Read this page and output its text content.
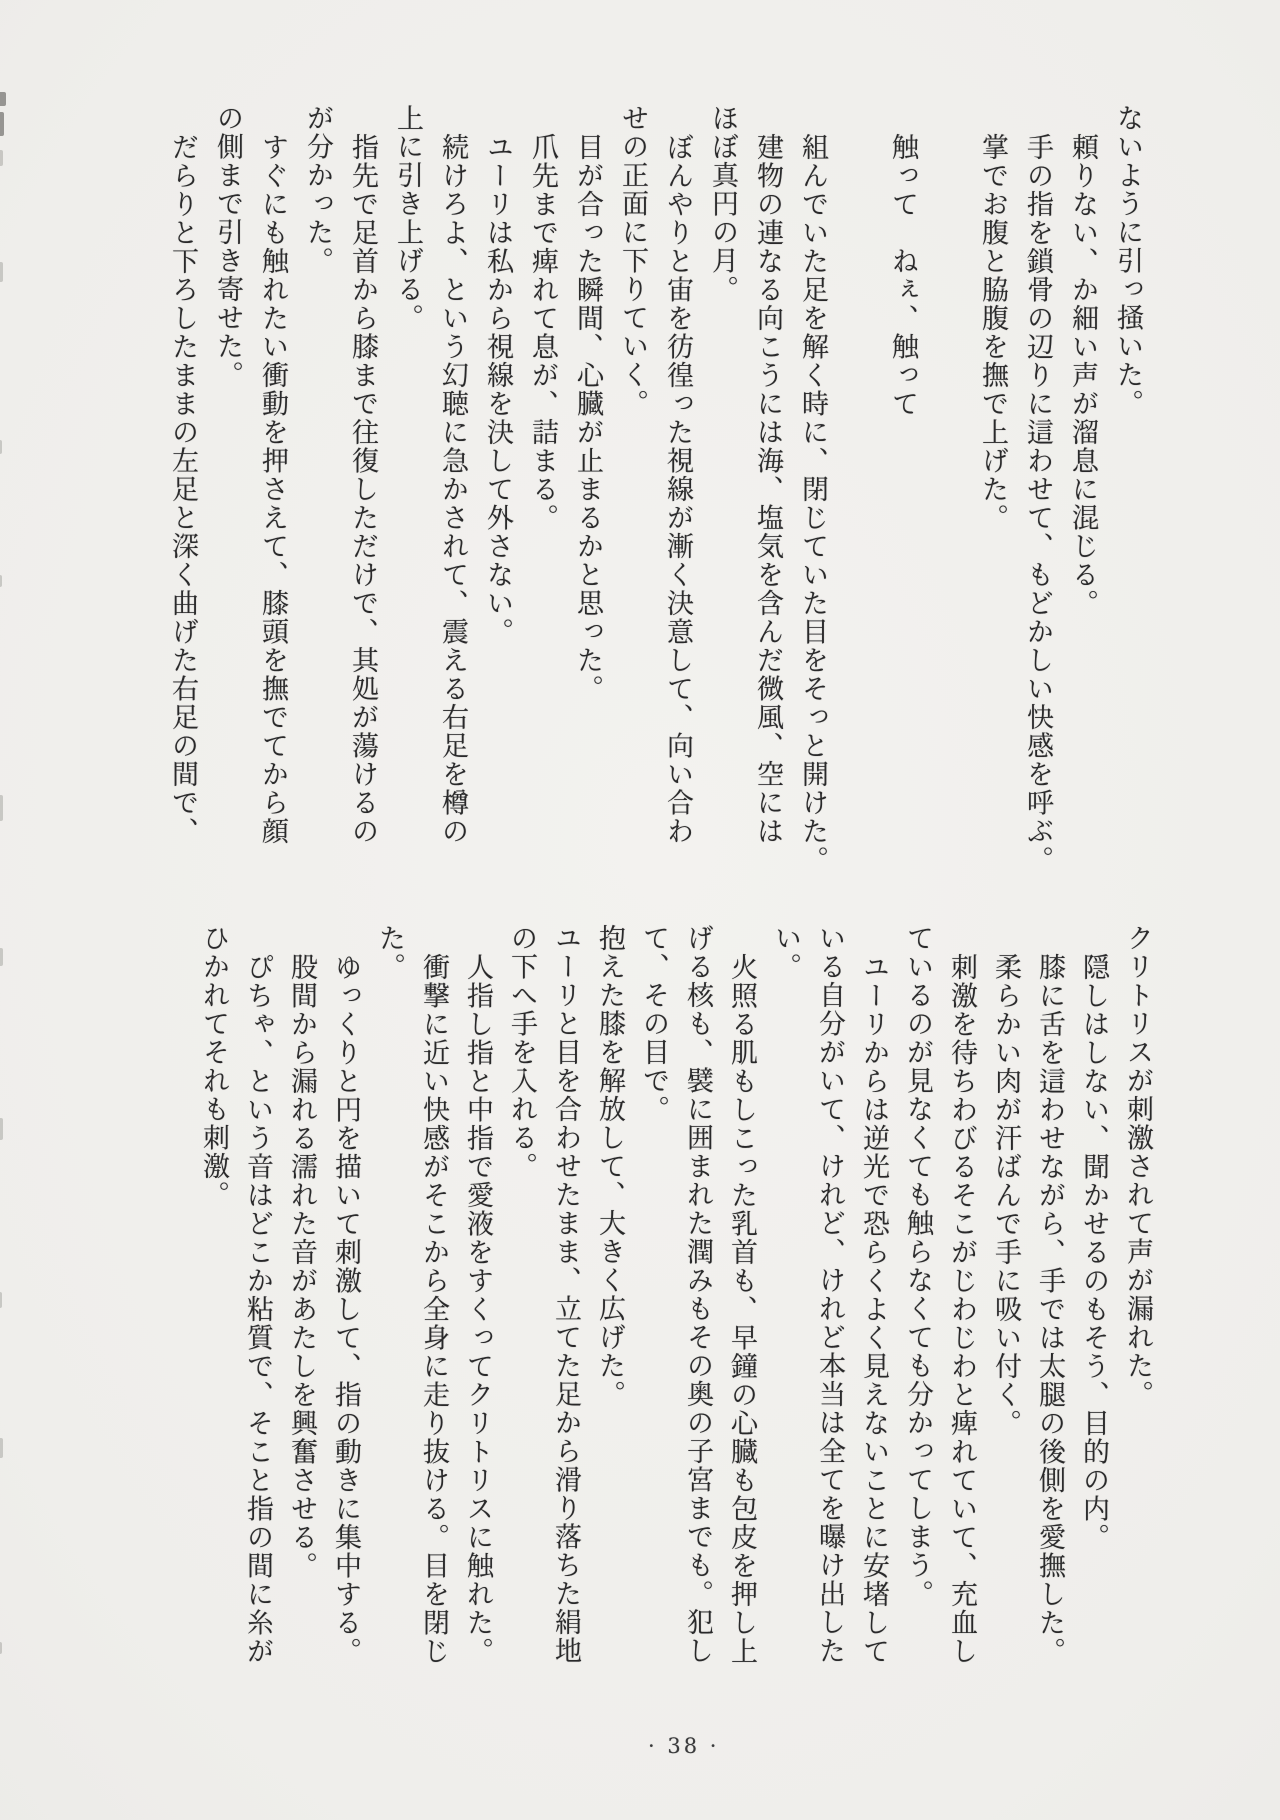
ないように引っ掻いた。
頼りない、か細い声が溜息に混じる。
手の指を鎖骨の辺りに這わせて、もどかしい快感を呼ぶ。
掌でお腹と脇腹を撫で上げた。
触って　ねぇ、触って
組んでいた足を解く時に、閉じていた目をそっと開けた。
建物の連なる向こうには海、塩気を含んだ微風、空には
ほぼ真円の月。
ぼんやりと宙を彷徨った視線が漸く決意して、向い合わ
せの正面に下りていく。
目が合った瞬間、心臓が止まるかと思った。
爪先まで痺れて息が、詰まる。
ユーリは私から視線を決して外さない。
続けろよ、という幻聴に急かされて、震える右足を樽の
上に引き上げる。
指先で足首から膝まで往復しただけで、其処が蕩けるの
が分かった。
すぐにも触れたい衝動を押さえて、膝頭を撫でてから顔
の側まで引き寄せた。
だらりと下ろしたままの左足と深く曲げた右足の間で、
クリトリスが刺激されて声が漏れた。
隠しはしない、聞かせるのもそう、目的の内。
膝に舌を這わせながら、手では太腿の後側を愛撫した。
柔らかい肉が汗ばんで手に吸い付く。
刺激を待ちわびるそこがじわじわと痺れていて、充血し
ているのが見なくても触らなくても分かってしまう。
ユーリからは逆光で恐らくよく見えないことに安堵して
いる自分がいて、けれど、けれど本当は全てを曝け出した
い。
火照る肌もしこった乳首も、早鐘の心臓も包皮を押し上
げる核も、襞に囲まれた潤みもその奥の子宮までも。犯し
て、その目で。
抱えた膝を解放して、大きく広げた。
ユーリと目を合わせたまま、立てた足から滑り落ちた絹地
の下へ手を入れる。
人指し指と中指で愛液をすくってクリトリスに触れた。
衝撃に近い快感がそこから全身に走り抜ける。目を閉じ
た。
ゆっくりと円を描いて刺激して、指の動きに集中する。
股間から漏れる濡れた音があたしを興奮させる。
ぴちゃ、という音はどこか粘質で、そこと指の間に糸が
ひかれてそれも刺激。
· 38 ·
